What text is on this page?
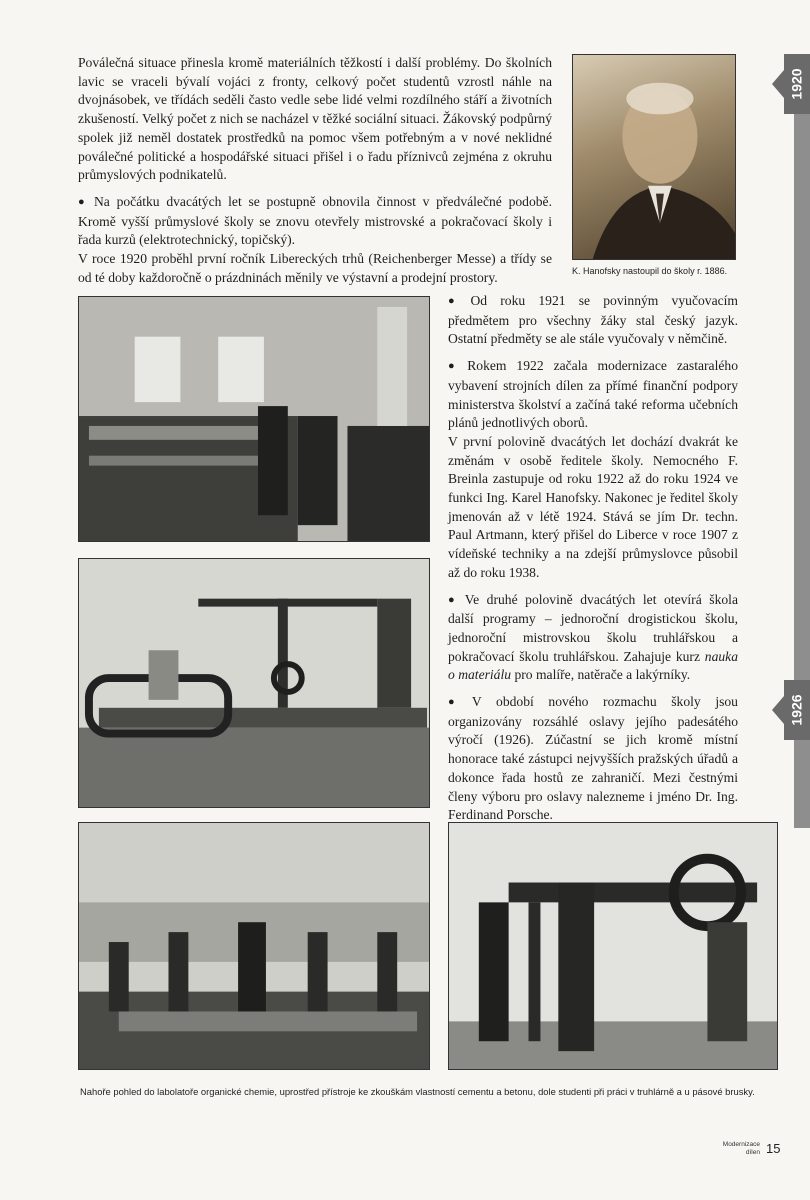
Poválečná situace přinesla kromě materiálních těžkostí i další problémy. Do školních lavic se vraceli bývalí vojáci z fronty, celkový počet studentů vzrostl náhle na dvojnásobek, ve třídách seděli často vedle sebe lidé velmi rozdílného stáří a životních zkušeností. Velký počet z nich se nacházel v těžké sociální situaci. Žákovský podpůrný spolek již neměl dostatek prostředků na pomoc všem potřebným a v nové neklidné poválečné politické a hospodářské situaci přišel i o řadu příznivců zejména z okruhu průmyslových podnikatelů.

● Na počátku dvacátých let se postupně obnovila činnost v předválečné podobě. Kromě vyšší průmyslové školy se znovu otevřely mistrovské a pokračovací školy i řada kurzů (elektrotechnický, topičský).

V roce 1920 proběhl první ročník Libereckých trhů (Reichenberger Messe) a třídy se od té doby každoročně o prázdninách měnily ve výstavní a prodejní prostory.	K. Hanofsky nastoupil do školy r. 1886.

● Od roku 1921 se povinným vyučovacím předmětem pro všechny žáky stal český jazyk. Ostatní předměty se ale stále vyučovaly v němčině.

● Rokem 1922 začala modernizace zastaralého vybavení strojních dílen za přímé finanční podpory ministerstva školství a začíná také reforma učebních plánů jednotlivých oborů.

V první polovině dvacátých let dochází dvakrát ke změnám v osobě ředitele školy. Nemocného F. Breinla zastupuje od roku 1922 až do roku 1924 ve funkci Ing. Karel Hanofsky. Nakonec je ředitel školy jmenován až v létě 1924. Stává se jím Dr. techn. Paul Artmann, který přišel do Liberce v roce 1907 z vídeňské techniky a na zdejší průmyslovce působil až do roku 1938.

● Ve druhé polovině dvacátých let otevírá škola další programy – jednoroční drogistickou školu, jednoroční mistrovskou školu truhlářskou a pokračovací školu truhlářskou. Zahajuje kurz nauka o materiálu pro malíře, natěrače a lakýrníky.

● V období nového rozmachu školy jsou organizovány rozsáhlé oslavy jejího padesátého výročí (1926). Zúčastní se jich kromě místní honorace také zástupci nejvyšších pražských úřadů a dokonce řada hostů ze zahraničí. Mezi čestnými členy výboru pro oslavy nalezneme i jméno Dr. Ing. Ferdinand Porsche.

Nahoře pohled do labolatoře organické chemie, uprostřed přístroje ke zkouškám vlastností cementu a betonu, dole studenti při práci v truhlárně a u pásové brusky.
1920
1926
Modernizace
dílen 15
